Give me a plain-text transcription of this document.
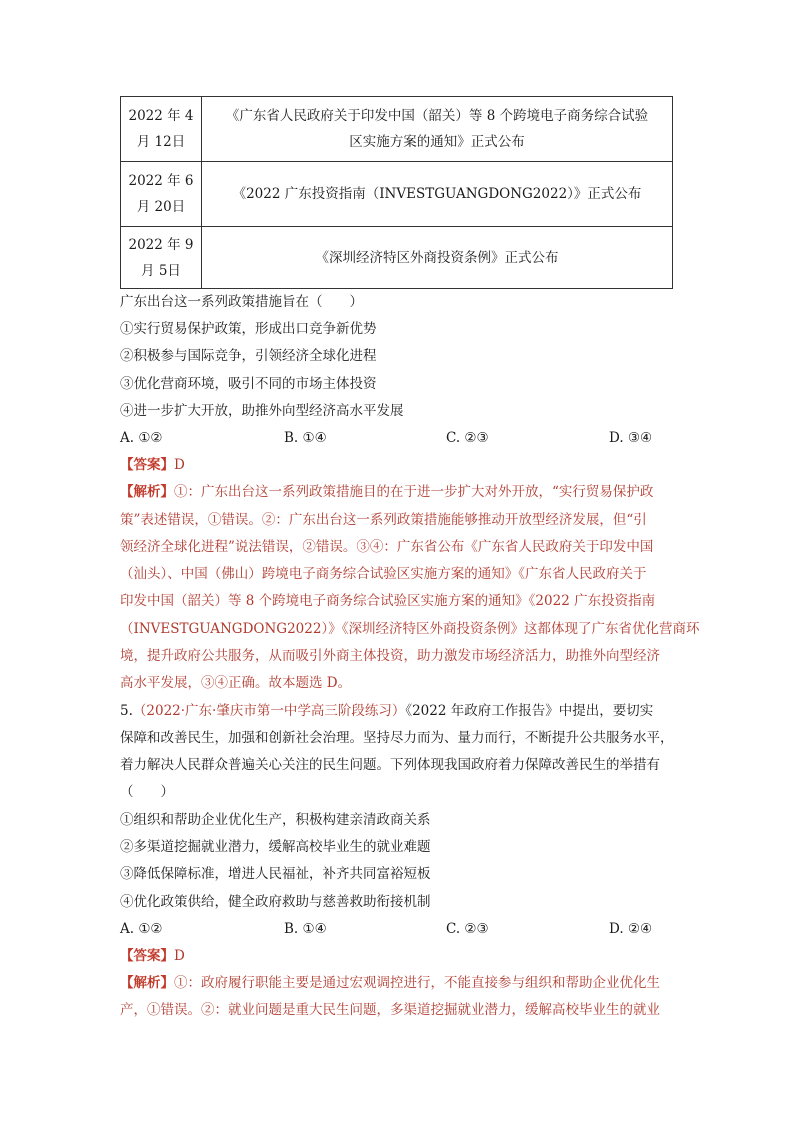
2022 年 4
月 12日	《广东省人民政府关于印发中国（韶关）等 8 个跨境电子商务综合试验
区实施方案的通知》正式公布

2022 年 6
月 20日	《2022 广东投资指南（INVESTGUANGDONG2022）》正式公布

2022 年 9
月 5日	《深圳经济特区外商投资条例》正式公布
广东出台这一系列政策措施旨在（　　）
①实行贸易保护政策，形成出口竞争新优势
②积极参与国际竞争，引领经济全球化进程
③优化营商环境，吸引不同的市场主体投资
④进一步扩大开放，助推外向型经济高水平发展
A. ①②	B. ①④	C. ②③	D. ③④
【答案】D
【解析】①：广东出台这一系列政策措施目的在于进一步扩大对外开放，“实行贸易保护政
策”表述错误，①错误。②：广东出台这一系列政策措施能够推动开放型经济发展，但“引
领经济全球化进程”说法错误，②错误。③④：广东省公布《广东省人民政府关于印发中国
（汕头）、中国（佛山）跨境电子商务综合试验区实施方案的通知》《广东省人民政府关于
印发中国（韶关）等 8 个跨境电子商务综合试验区实施方案的通知》《2022 广东投资指南
（INVESTGUANGDONG2022）》《深圳经济特区外商投资条例》这都体现了广东省优化营商环
境，提升政府公共服务，从而吸引外商主体投资，助力激发市场经济活力，助推外向型经济
高水平发展，③④正确。故本题选 D。
5.（2022·广东·肇庆市第一中学高三阶段练习）《2022 年政府工作报告》中提出，要切实
保障和改善民生，加强和创新社会治理。坚持尽力而为、量力而行，不断提升公共服务水平，
着力解决人民群众普遍关心关注的民生问题。下列体现我国政府着力保障改善民生的举措有
（　　）
①组织和帮助企业优化生产，积极构建亲清政商关系
②多渠道挖掘就业潜力，缓解高校毕业生的就业难题
③降低保障标准，增进人民福祉，补齐共同富裕短板
④优化政策供给，健全政府救助与慈善救助衔接机制
A. ①②	B. ①④	C. ②③	D. ②④
【答案】D
【解析】①：政府履行职能主要是通过宏观调控进行，不能直接参与组织和帮助企业优化生
产，①错误。②：就业问题是重大民生问题，多渠道挖掘就业潜力，缓解高校毕业生的就业
